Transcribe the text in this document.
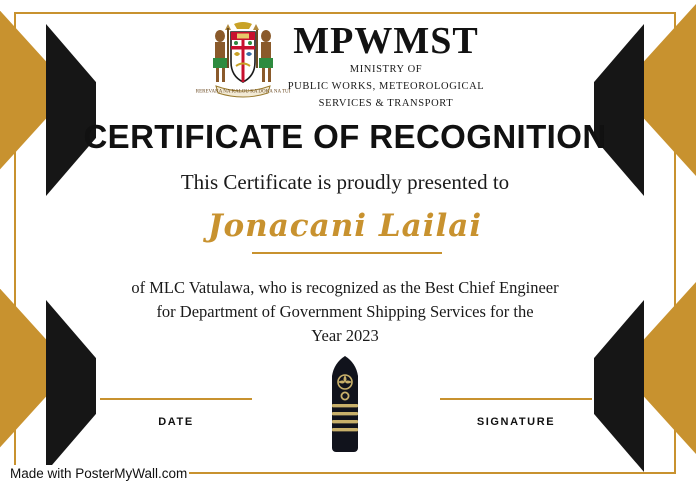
REREVAKA NA KALOU KA DOKA NA TUI
MPWMST
MINISTRY OF
PUBLIC WORKS, METEOROLOGICAL
SERVICES & TRANSPORT
CERTIFICATE OF RECOGNITION
This Certificate is proudly presented to
Jonacani Lailai
of MLC Vatulawa, who is recognized as the Best Chief Engineer
for Department of Government Shipping Services for the
Year 2023
DATE	SIGNATURE
Made with PosterMyWall.com
